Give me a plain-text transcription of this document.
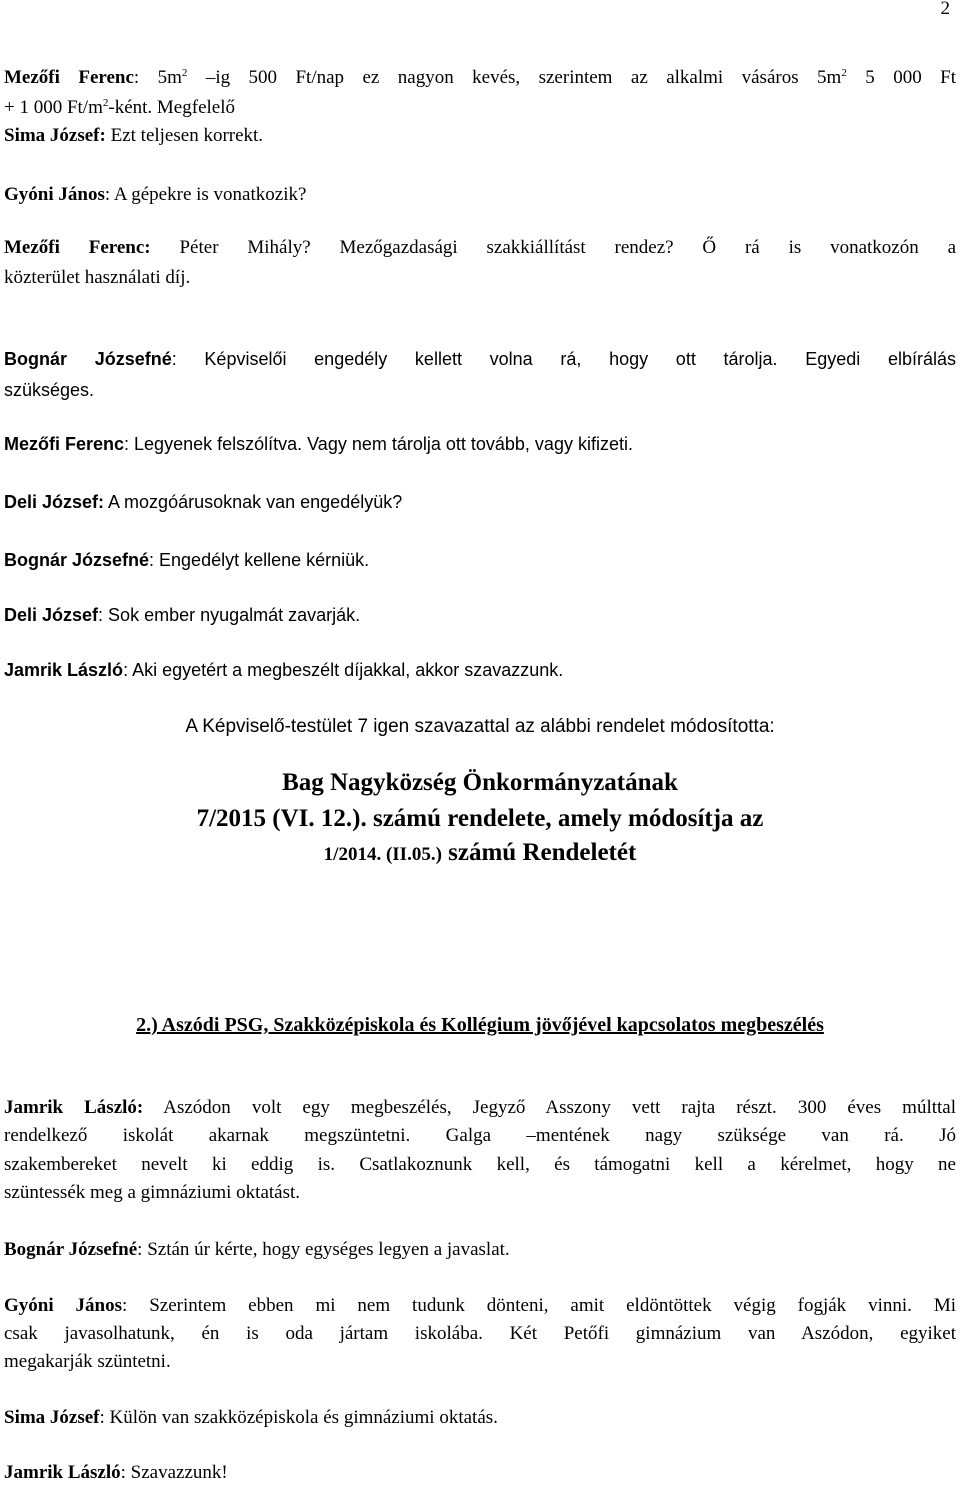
2
Mezőfi Ferenc: $5m^2$ –ig 500 Ft/nap ez nagyon kevés, szerintem az alkalmi vásáros $5m^2$ 5 000 Ft
+ 1 000 $Ft/m^2$-ként. Megfelelő
Sima József: Ezt teljesen korrekt.
Gyóni János: A gépekre is vonatkozik?
Mezőfi Ferenc: Péter Mihály? Mezőgazdasági szakkiállítást rendez? Ő rá is vonatkozón a
közterület használati díj.
Bognár Józsefné: Képviselői engedély kellett volna rá, hogy ott tárolja. Egyedi elbírálás
szükséges.
Mezőfi Ferenc: Legyenek felszólítva. Vagy nem tárolja ott tovább, vagy kifizeti.
Deli József: A mozgóárusoknak van engedélyük?
Bognár Józsefné: Engedélyt kellene kérniük.
Deli József: Sok ember nyugalmát zavarják.
Jamrik László: Aki egyetért a megbeszélt díjakkal, akkor szavazzunk.
A Képviselő-testület 7 igen szavazattal az alábbi rendelet módosította:
Bag Nagyközség Önkormányzatának
7/2015 (VI. 12.). számú rendelete, amely módosítja az
1/2014. (II.05.) számú Rendeletét
2.) Aszódi PSG, Szakközépiskola és Kollégium jövőjével kapcsolatos megbeszélés
Jamrik László: Aszódon volt egy megbeszélés, Jegyző Asszony vett rajta részt. 300 éves múlttal
rendelkező iskolát akarnak megszüntetni. Galga –mentének nagy szüksége van rá. Jó
szakembereket nevelt ki eddig is. Csatlakoznunk kell, és támogatni kell a kérelmet, hogy ne
szüntessék meg a gimnáziumi oktatást.
Bognár Józsefné: Sztán úr kérte, hogy egységes legyen a javaslat.
Gyóni János: Szerintem ebben mi nem tudunk dönteni, amit eldöntöttek végig fogják vinni. Mi
csak javasolhatunk, én is oda jártam iskolába. Két Petőfi gimnázium van Aszódon, egyiket
megakarják szüntetni.
Sima József: Külön van szakközépiskola és gimnáziumi oktatás.
Jamrik László: Szavazzunk!
